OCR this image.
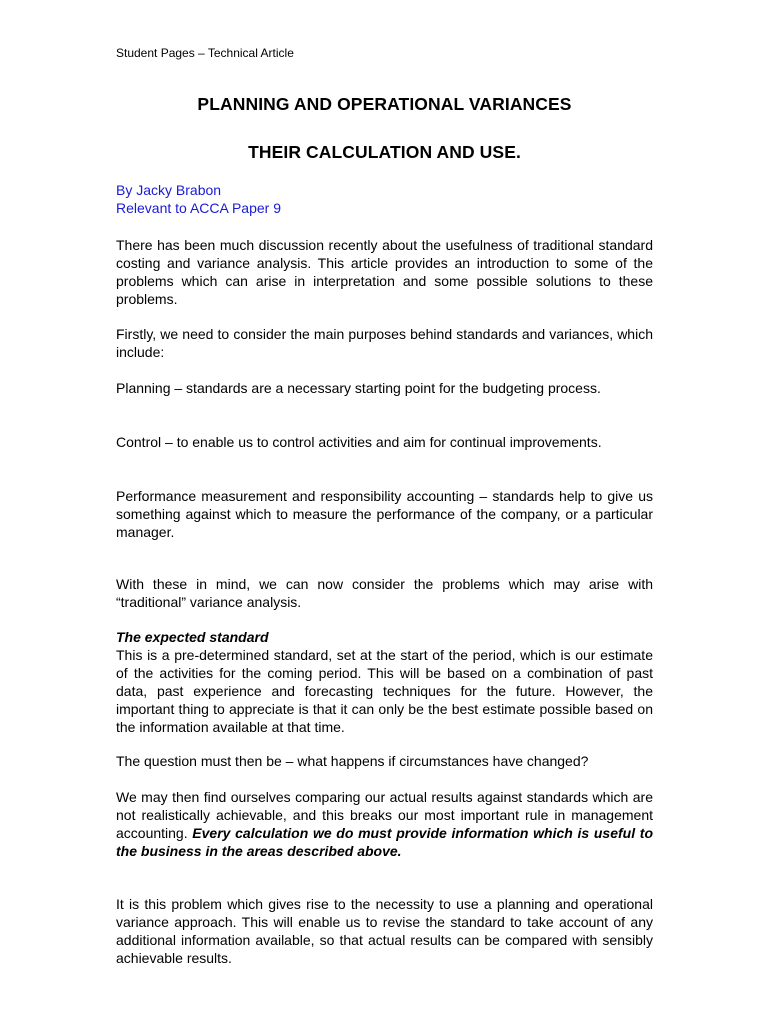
Student Pages – Technical Article
PLANNING AND OPERATIONAL VARIANCES
THEIR CALCULATION AND USE.
By Jacky Brabon
Relevant to ACCA Paper 9
There has been much discussion recently about the usefulness of traditional standard costing and variance analysis. This article provides an introduction to some of the problems which can arise in interpretation and some possible solutions to these problems.
Firstly, we need to consider the main purposes behind standards and variances, which include:
Planning – standards are a necessary starting point for the budgeting process.
Control – to enable us to control activities and aim for continual improvements.
Performance measurement and responsibility accounting – standards help to give us something against which to measure the performance of the company, or a particular manager.
With these in mind, we can now consider the problems which may arise with “traditional” variance analysis.
The expected standard
This is a pre-determined standard, set at the start of the period, which is our estimate of the activities for the coming period. This will be based on a combination of past data, past experience and forecasting techniques for the future. However, the important thing to appreciate is that it can only be the best estimate possible based on the information available at that time.
The question must then be – what happens if circumstances have changed?
We may then find ourselves comparing our actual results against standards which are not realistically achievable, and this breaks our most important rule in management accounting. Every calculation we do must provide information which is useful to the business in the areas described above.
It is this problem which gives rise to the necessity to use a planning and operational variance approach. This will enable us to revise the standard to take account of any additional information available, so that actual results can be compared with sensibly achievable results.
